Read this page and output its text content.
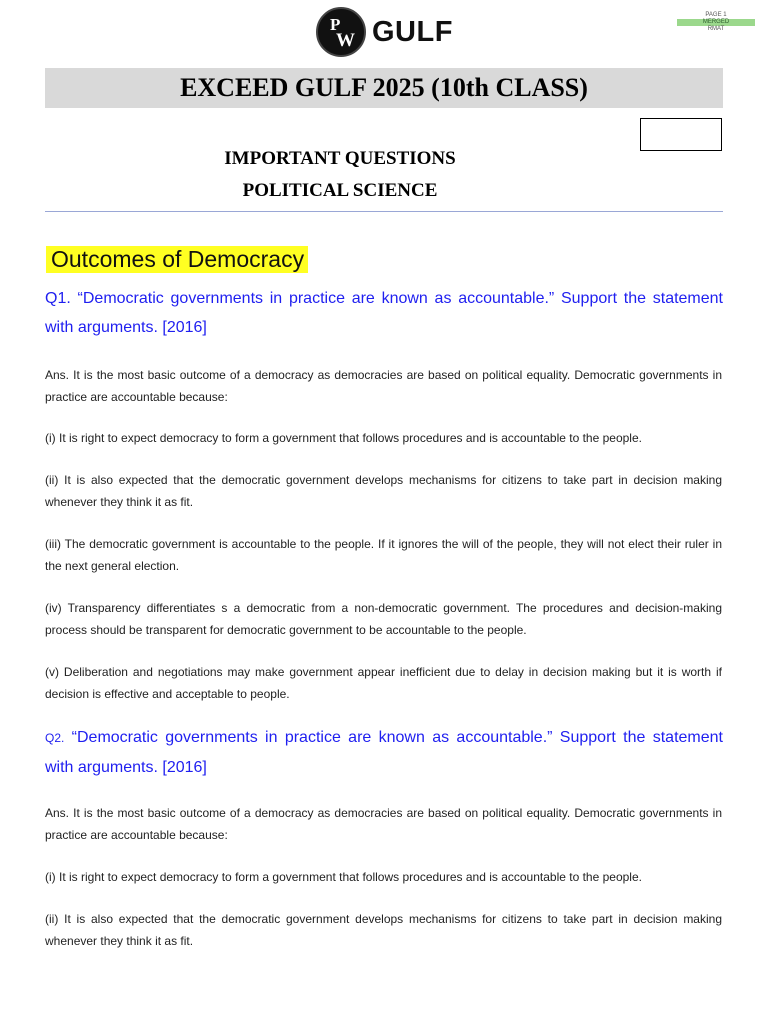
P
W GULF
PAGE 1
MERGED
RMAT
EXCEED GULF 2025 (10th CLASS)
IMPORTANT QUESTIONS
POLITICAL SCIENCE
Outcomes of Democracy
Q1. “Democratic governments in practice are known as accountable.” Support the statement with arguments. [2016]
Ans. It is the most basic outcome of a democracy as democracies are based on political equality. Democratic governments in practice are accountable because:
(i) It is right to expect democracy to form a government that follows procedures and is accountable to the people.
(ii) It is also expected that the democratic government develops mechanisms for citizens to take part in decision making whenever they think it as fit.
(iii) The democratic government is accountable to the people. If it ignores the will of the people, they will not elect their ruler in the next general election.
(iv) Transparency differentiates s a democratic from a non-democratic government. The procedures and decision-making process should be transparent for democratic government to be accountable to the people.
(v) Deliberation and negotiations may make government appear inefficient due to delay in decision making but it is worth if decision is effective and acceptable to people.
Q2. “Democratic governments in practice are known as accountable.” Support the statement with arguments. [2016]
Ans. It is the most basic outcome of a democracy as democracies are based on political equality. Democratic governments in practice are accountable because:
(i) It is right to expect democracy to form a government that follows procedures and is accountable to the people.
(ii) It is also expected that the democratic government develops mechanisms for citizens to take part in decision making whenever they think it as fit.
